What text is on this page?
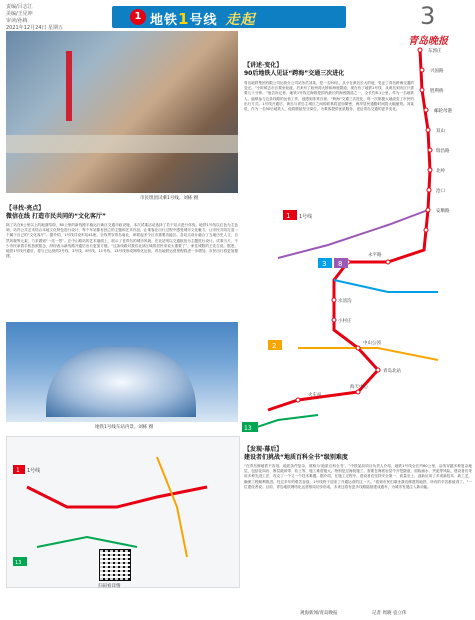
责编/吕志江
美编/王见坤
审读/孙梅
2021年12月24日 星期五
1 地铁1号线 走起	3
青岛晚报
市民组团试乘1号线。刘栋 摄
【寻找·亮点】
微信在线 打造市民共同的“文化客厅”
除了站在6公里以上的地面结构，80公里的新线路平稳运行新区交通市政设施，本次试乘活动选择了若干站点进行体验。地铁1号线以红色为主色调，站内公共艺术结合本地文化特色进行设计，每个车站都有独立的主题和艺术作品，让乘客在出行过程中感受城市文化魅力，让市民共同打造一个属于自己的“文化客厅”。据介绍，1号线共设车站41座，全线贯穿青岛南北，串联起多个区市重要功能区。各站点设计融合了当地历史人文、自然风貌等元素，力求做到“一站一景”。在中山路站的艺术墙面上，展示了老青岛的城市风貌；在北站则以交通枢纽为主题进行设计。试乘当天，不少市民拿着手机拍照留念，纷纷表示新线路开通后出行更加方便。“这条线路对我们北部区域的居民来说太重要了”，家住城阳的王先生说。据悉，地铁1号线开通后，将与已运营的2号线、3号线、8号线、11号线、13号线形成网络化运营，青岛地铁运营里程将进一步增加，市民出行将更加便捷。
地铁1号线车站内景。刘栋 摄
【讲述·变化】
90后地铁人见证“跨海”交通三次进化
青岛地铁集团有限公司运营分公司站务员刘某，是一名90后。从小在黄岛长大的他，见证了青岛跨海交通的变迁。“小时候去市区要坐轮渡，后来有了胶州湾大桥和海底隧道，现在有了地铁1号线，从黄岛到市区只需要几十分钟。”他告诉记者，地铁1号线过海段是国内最长的海底隧道之一，全长约8.1公里。作为一名地铁人，能够参与这条线路的运营工作，他感到非常自豪。“跨海”交通三次进化，每一次都极大地改变了市民的出行方式。1号线开通后，黄岛与青岛主城区之间的联系将更加紧密，两岸居民通勤时间将大幅缩短。刘某说，作为一名90后地铁人，他将继续坚守岗位，为乘客提供优质服务，见证青岛交通的更多变化。
东郭庄
兴国路
胜利桥
邮轮母港
双山
瑞昌路
北岭
沧口
安顺路
永平路
水清沟
小村庄
中山公园
青岛北站
海天中心
火车站
1 1号线
3 8
2
13
1 1号线
13
扫码看详情
【发现·幕后】
建设者们挑战“地质百科全书”级别难度
“在青岛修地铁不容易，地质条件复杂，被称为‘地质百科全书’。”中铁某局项目负责人介绍，地铁1号线全长约60公里，沿线穿越多种复杂地层，包括花岗岩、断层破碎带、软土等，施工难度极大。特别是过海段施工，需要在海底岩层中开挖隧道，面临涌水、突泥等风险。建设者们采用多种先进工法，攻克了一个又一个技术难题。据介绍，在施工过程中，建设者们坚持安全第一、质量至上，创新应用了多项新技术、新工艺，确保工程顺利推进。经过多年的艰苦奋战，1号线终于迎来了开通运营的这一天。“看到市民们乘坐我们修建的地铁，所有的辛苦都值得了。”一位建设者说。目前，青岛地铁网络化运营格局初步形成，未来还将有更多线路陆续建成通车，为城市发展注入新动能。
观海新闻/青岛晚报	记者 周晓 袁立伟
